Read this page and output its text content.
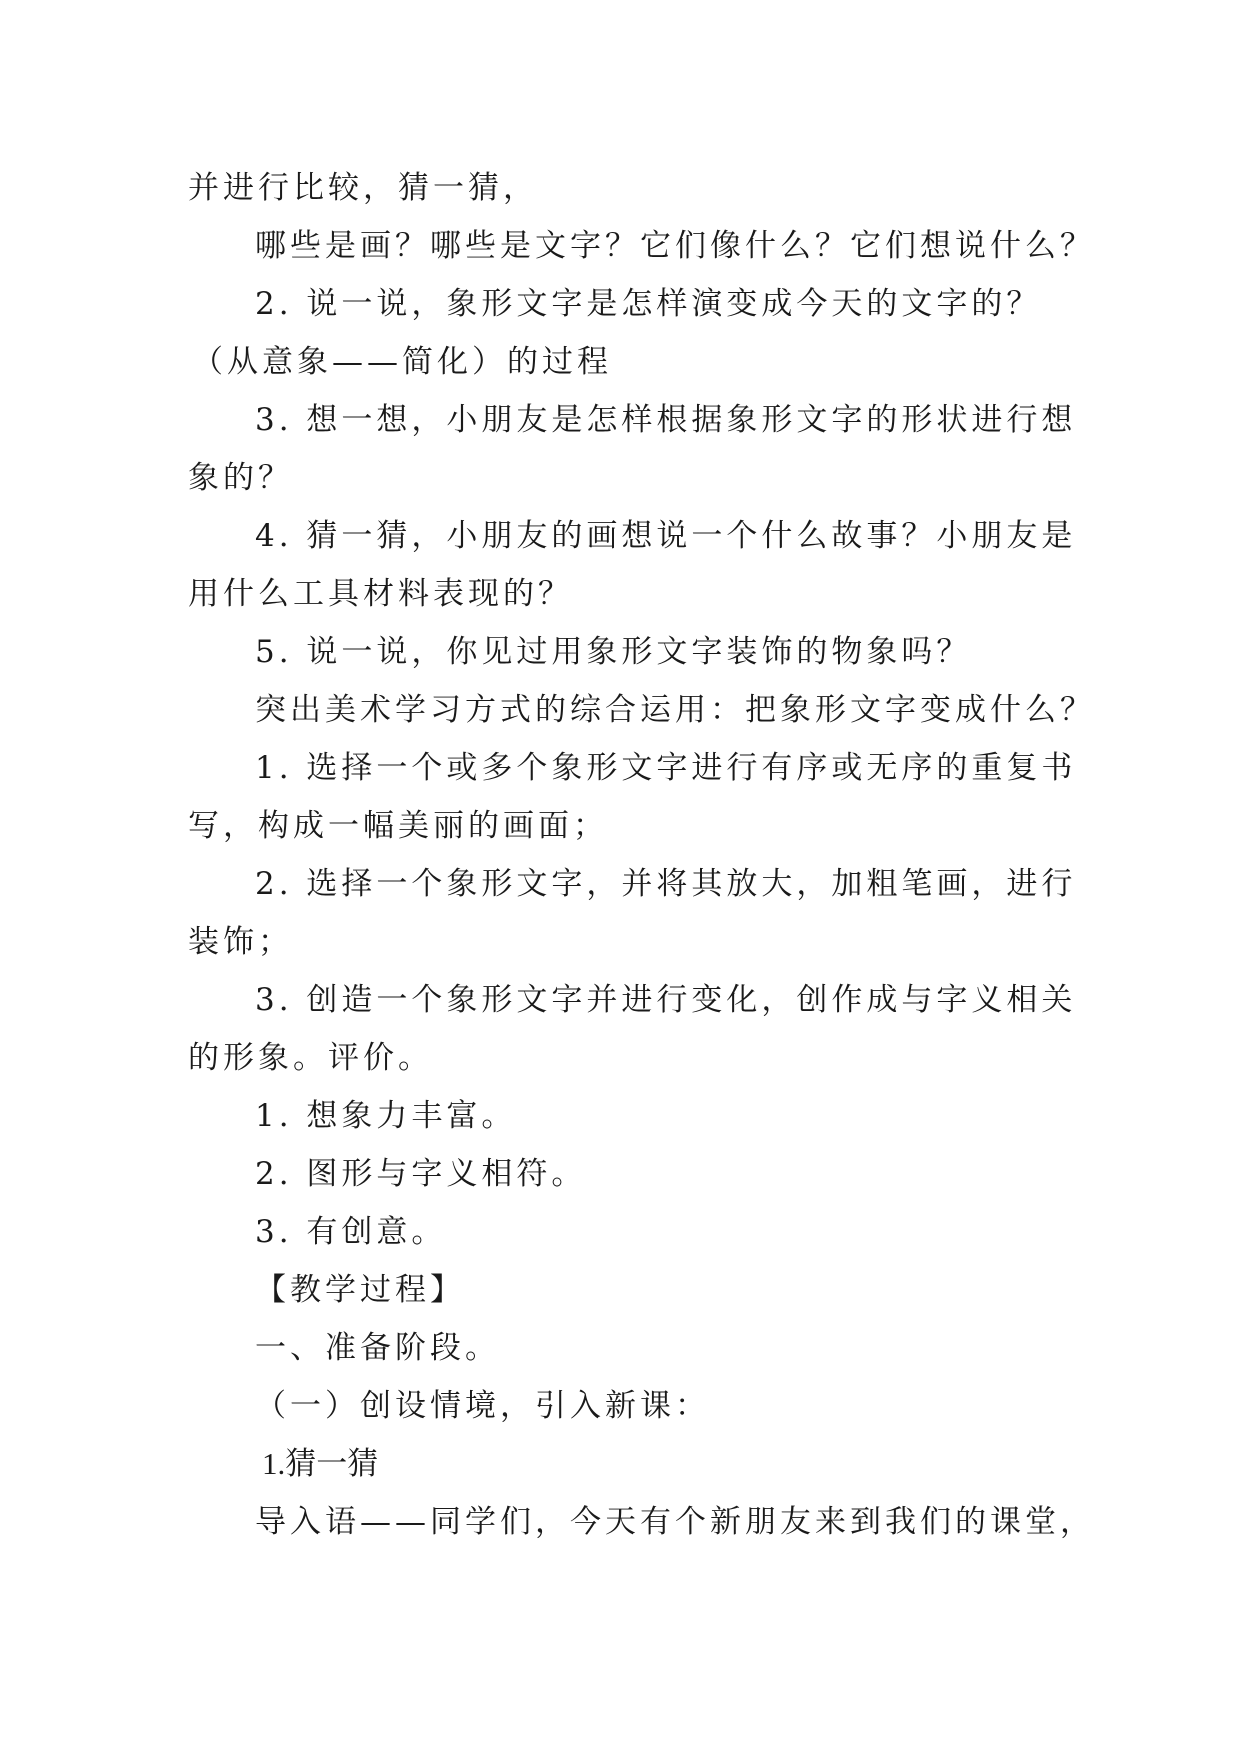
并进行比较，猜一猜，
哪些是画？哪些是文字？它们像什么？它们想说什么？
2. 说一说，象形文字是怎样演变成今天的文字的？
（从意象——简化）的过程
3. 想一想，小朋友是怎样根据象形文字的形状进行想
象的？
4. 猜一猜，小朋友的画想说一个什么故事？小朋友是
用什么工具材料表现的？
5. 说一说，你见过用象形文字装饰的物象吗？
突出美术学习方式的综合运用：把象形文字变成什么？
1. 选择一个或多个象形文字进行有序或无序的重复书
写，构成一幅美丽的画面；
2. 选择一个象形文字，并将其放大，加粗笔画，进行
装饰；
3. 创造一个象形文字并进行变化，创作成与字义相关
的形象。评价。
1. 想象力丰富。
2. 图形与字义相符。
3. 有创意。
【教学过程】
一、准备阶段。
（一）创设情境，引入新课：
1.猜一猜
导入语——同学们，今天有个新朋友来到我们的课堂，
